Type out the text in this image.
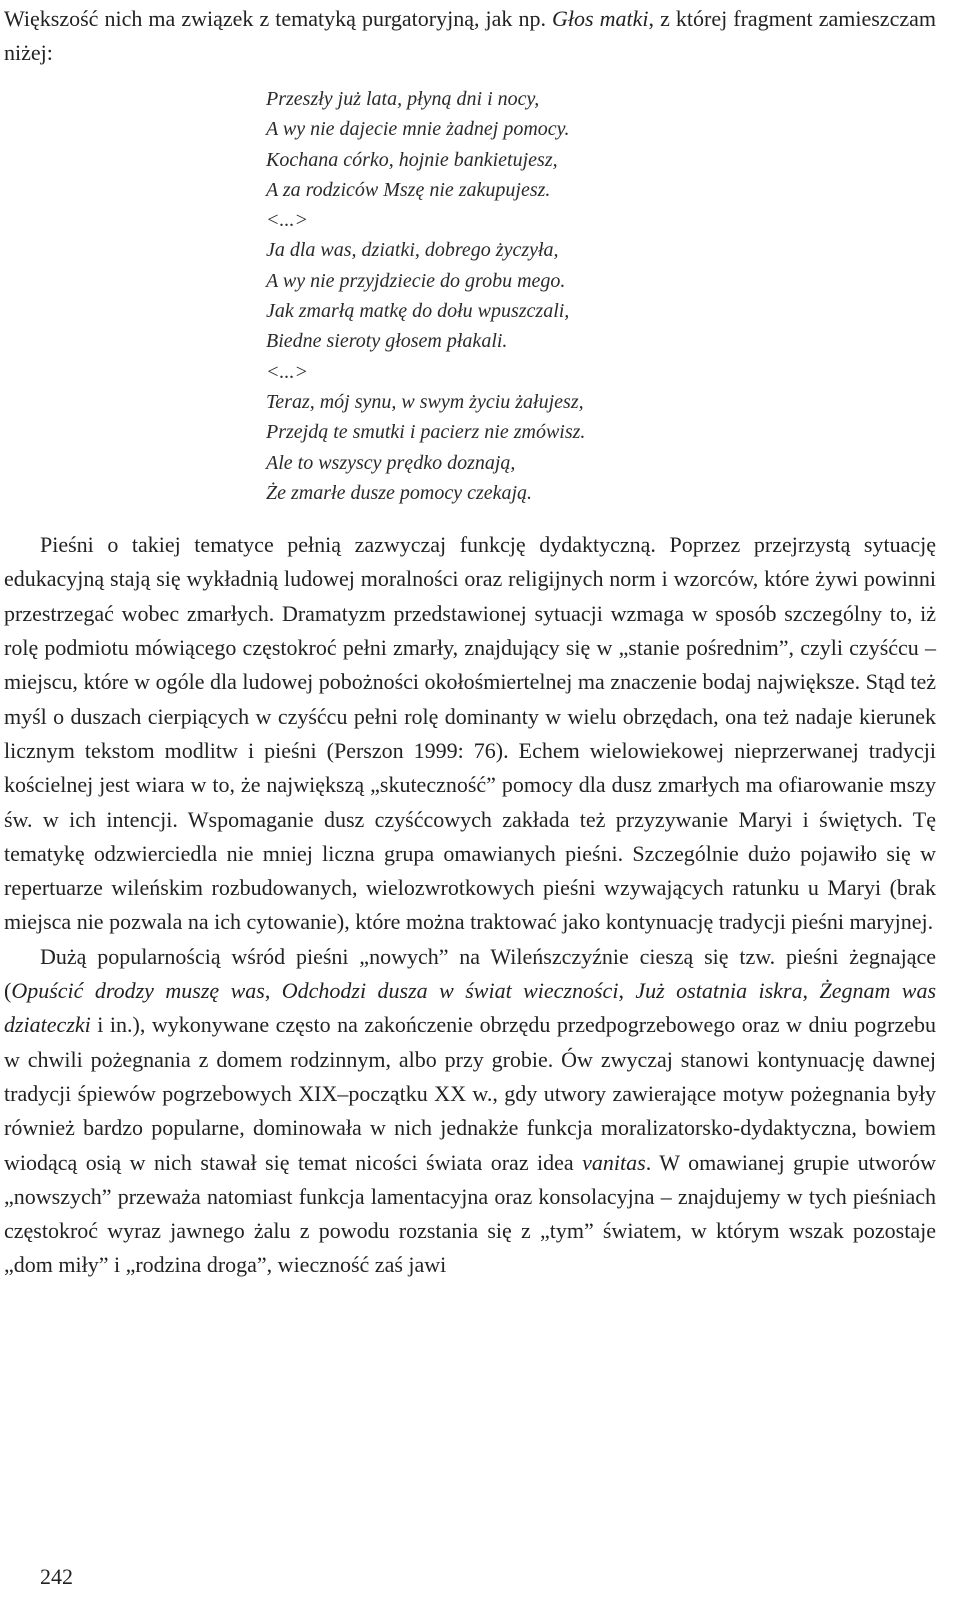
Większość nich ma związek z tematyką purgatoryjną, jak np. Głos matki, z której fragment zamieszczam niżej:

Przeszły już lata, płyną dni i nocy,
A wy nie dajecie mnie żadnej pomocy.
Kochana córko, hojnie bankietujesz,
A za rodziców Mszę nie zakupujesz.
<...>
Ja dla was, dziatki, dobrego życzyła,
A wy nie przyjdziecie do grobu mego.
Jak zmarłą matkę do dołu wpuszczali,
Biedne sieroty głosem płakali.
<...>
Teraz, mój synu, w swym życiu żałujesz,
Przejdą te smutki i pacierz nie zmówisz.
Ale to wszyscy prędko doznają,
Że zmarłe dusze pomocy czekają.

Pieśni o takiej tematyce pełnią zazwyczaj funkcję dydaktyczną. Poprzez przejrzystą sytuację edukacyjną stają się wykładnią ludowej moralności oraz religijnych norm i wzorców, które żywi powinni przestrzegać wobec zmarłych. Dramatyzm przedstawionej sytuacji wzmaga w sposób szczególny to, iż rolę podmiotu mówiącego częstokroć pełni zmarły, znajdujący się w „stanie pośrednim”, czyli czyśćcu – miejscu, które w ogóle dla ludowej pobożności okołośmiertelnej ma znaczenie bodaj największe. Stąd też myśl o duszach cierpiących w czyśćcu pełni rolę dominanty w wielu obrzędach, ona też nadaje kierunek licznym tekstom modlitw i pieśni (Perszon 1999: 76). Echem wielowiekowej nieprzerwanej tradycji kościelnej jest wiara w to, że największą „skuteczność” pomocy dla dusz zmarłych ma ofiarowanie mszy św. w ich intencji. Wspomaganie dusz czyśćcowych zakłada też przyzywanie Maryi i świętych. Tę tematykę odzwierciedla nie mniej liczna grupa omawianych pieśni. Szczególnie dużo pojawiło się w repertuarze wileńskim rozbudowanych, wielozwrotkowych pieśni wzywających ratunku u Maryi (brak miejsca nie pozwala na ich cytowanie), które można traktować jako kontynuację tradycji pieśni maryjnej.

Dużą popularnością wśród pieśni „nowych” na Wileńszczyźnie cieszą się tzw. pieśni żegnające (Opuścić drodzy muszę was, Odchodzi dusza w świat wieczności, Już ostatnia iskra, Żegnam was dziateczki i in.), wykonywane często na zakończenie obrzędu przedpogrzebowego oraz w dniu pogrzebu w chwili pożegnania z domem rodzinnym, albo przy grobie. Ów zwyczaj stanowi kontynuację dawnej tradycji śpiewów pogrzebowych XIX–początku XX w., gdy utwory zawierające motyw pożegnania były również bardzo popularne, dominowała w nich jednakże funkcja moralizatorsko-dydaktyczna, bowiem wiodącą osią w nich stawał się temat nicości świata oraz idea vanitas. W omawianej grupie utworów „nowszych” przeważa natomiast funkcja lamentacyjna oraz konsolacyjna – znajdujemy w tych pieśniach częstokroć wyraz jawnego żalu z powodu rozstania się z „tym” światem, w którym wszak pozostaje „dom miły” i „rodzina droga”, wieczność zaś jawi

242
